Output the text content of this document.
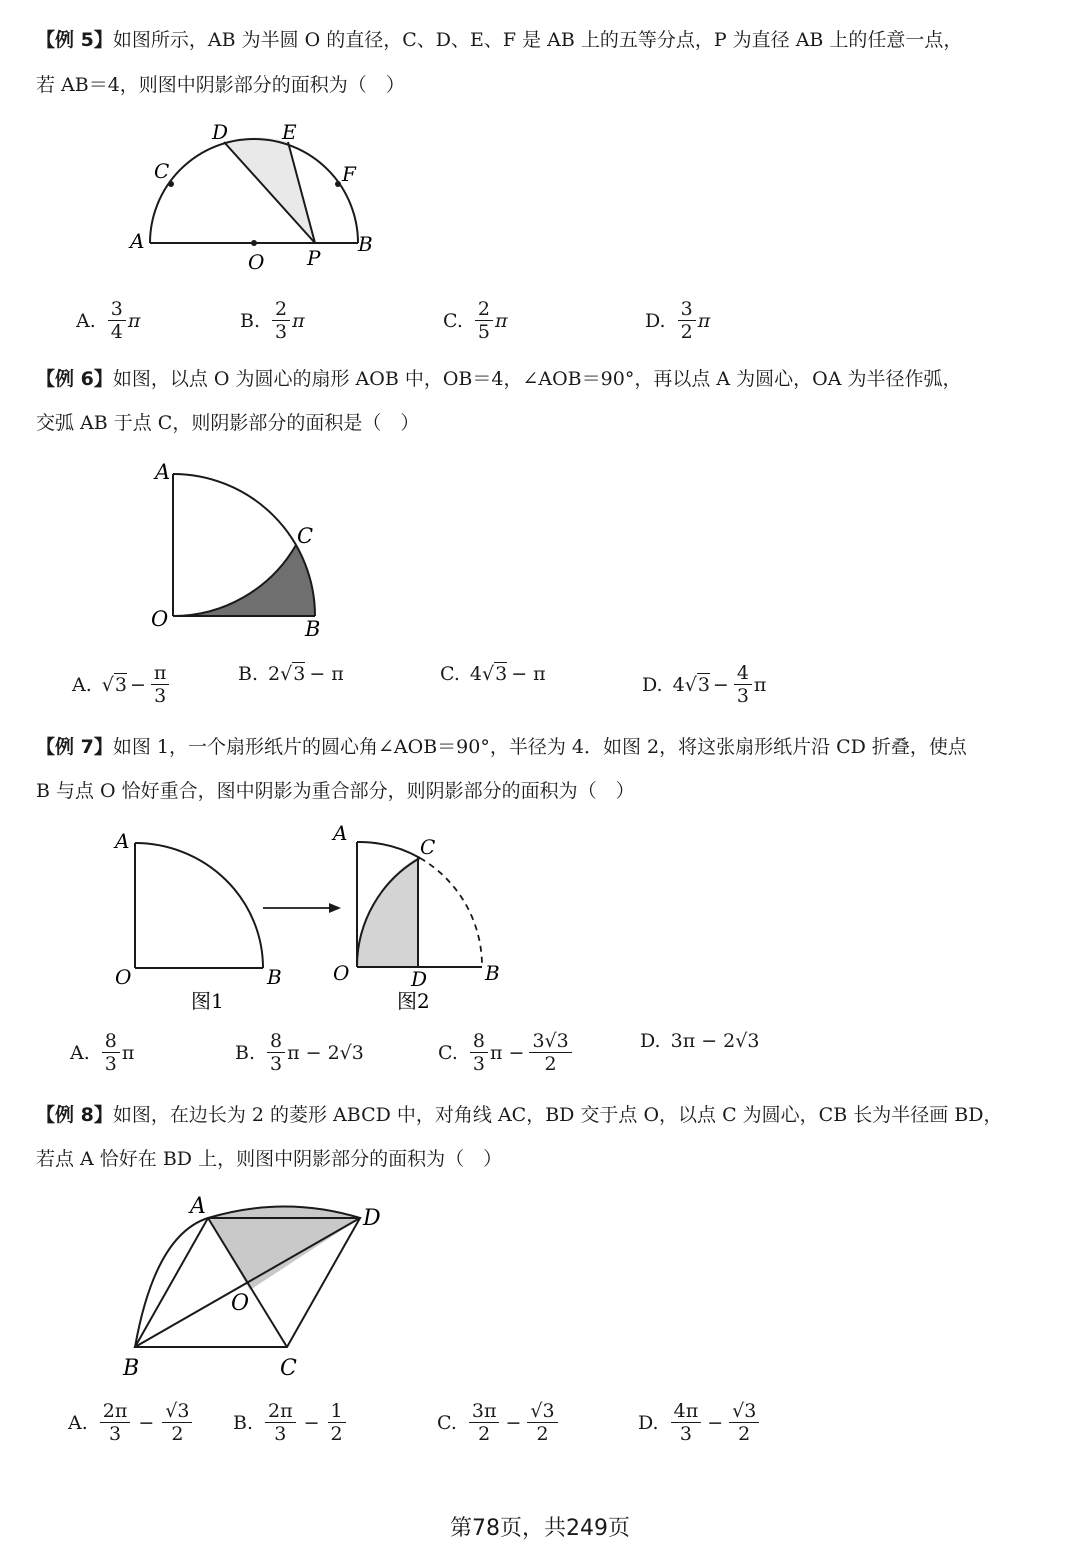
【例 5】如图所示，AB 为半圆 O 的直径，C、D、E、F 是 AB 上的五等分点，P 为直径 AB 上的任意一点，
若 AB＝4，则图中阴影部分的面积为（　）
A	B
C
D	E
F
O P
A. $\frac{3}{4}$ π	B. $\frac{2}{3}$ π	C. $\frac{2}{5}$ π	D. $\frac{3}{2}$ π
【例 6】如图，以点 O 为圆心的扇形 AOB 中，OB＝4，∠AOB＝90°，再以点 A 为圆心，OA 为半径作弧，
交弧 AB 于点 C，则阴影部分的面积是（　）
A
C
O	B
A. √ $3 - \frac{\pi}{3}$	B. 2 √ 3 − π	C. 4 √ 3 − π	D. 4 √ $3 - \frac{4}{3}$ π
【例 7】如图 1，一个扇形纸片的圆心角∠AOB＝90°，半径为 4．如图 2，将这张扇形纸片沿 CD 折叠，使点
B 与点 O 恰好重合，图中阴影为重合部分，则阴影部分的面积为（　）
A
O	B
图1
A
C
O	D	B
图2
A. $\frac{8}{3}$ π	B. $\frac{8}{3}$ π − 2√3	C. $\frac{8}{3}$ $\pi - \frac{3√3}{2}$	D. 3π − 2√3
【例 8】如图，在边长为 2 的菱形 ABCD 中，对角线 AC，BD 交于点 O，以点 C 为圆心，CB 长为半径画 BD，
若点 A 恰好在 BD 上，则图中阴影部分的面积为（　）
A	D
O
B	C
A. $\frac{2\pi}{3} - \frac{√3}{2} B$. $\frac{2\pi}{3} - \frac{1}{2}$	C. $\frac{3\pi}{2} - \frac{√3}{2}$	D. $\frac{4\pi}{3} - \frac{√3}{2}$
第78页，共249页
